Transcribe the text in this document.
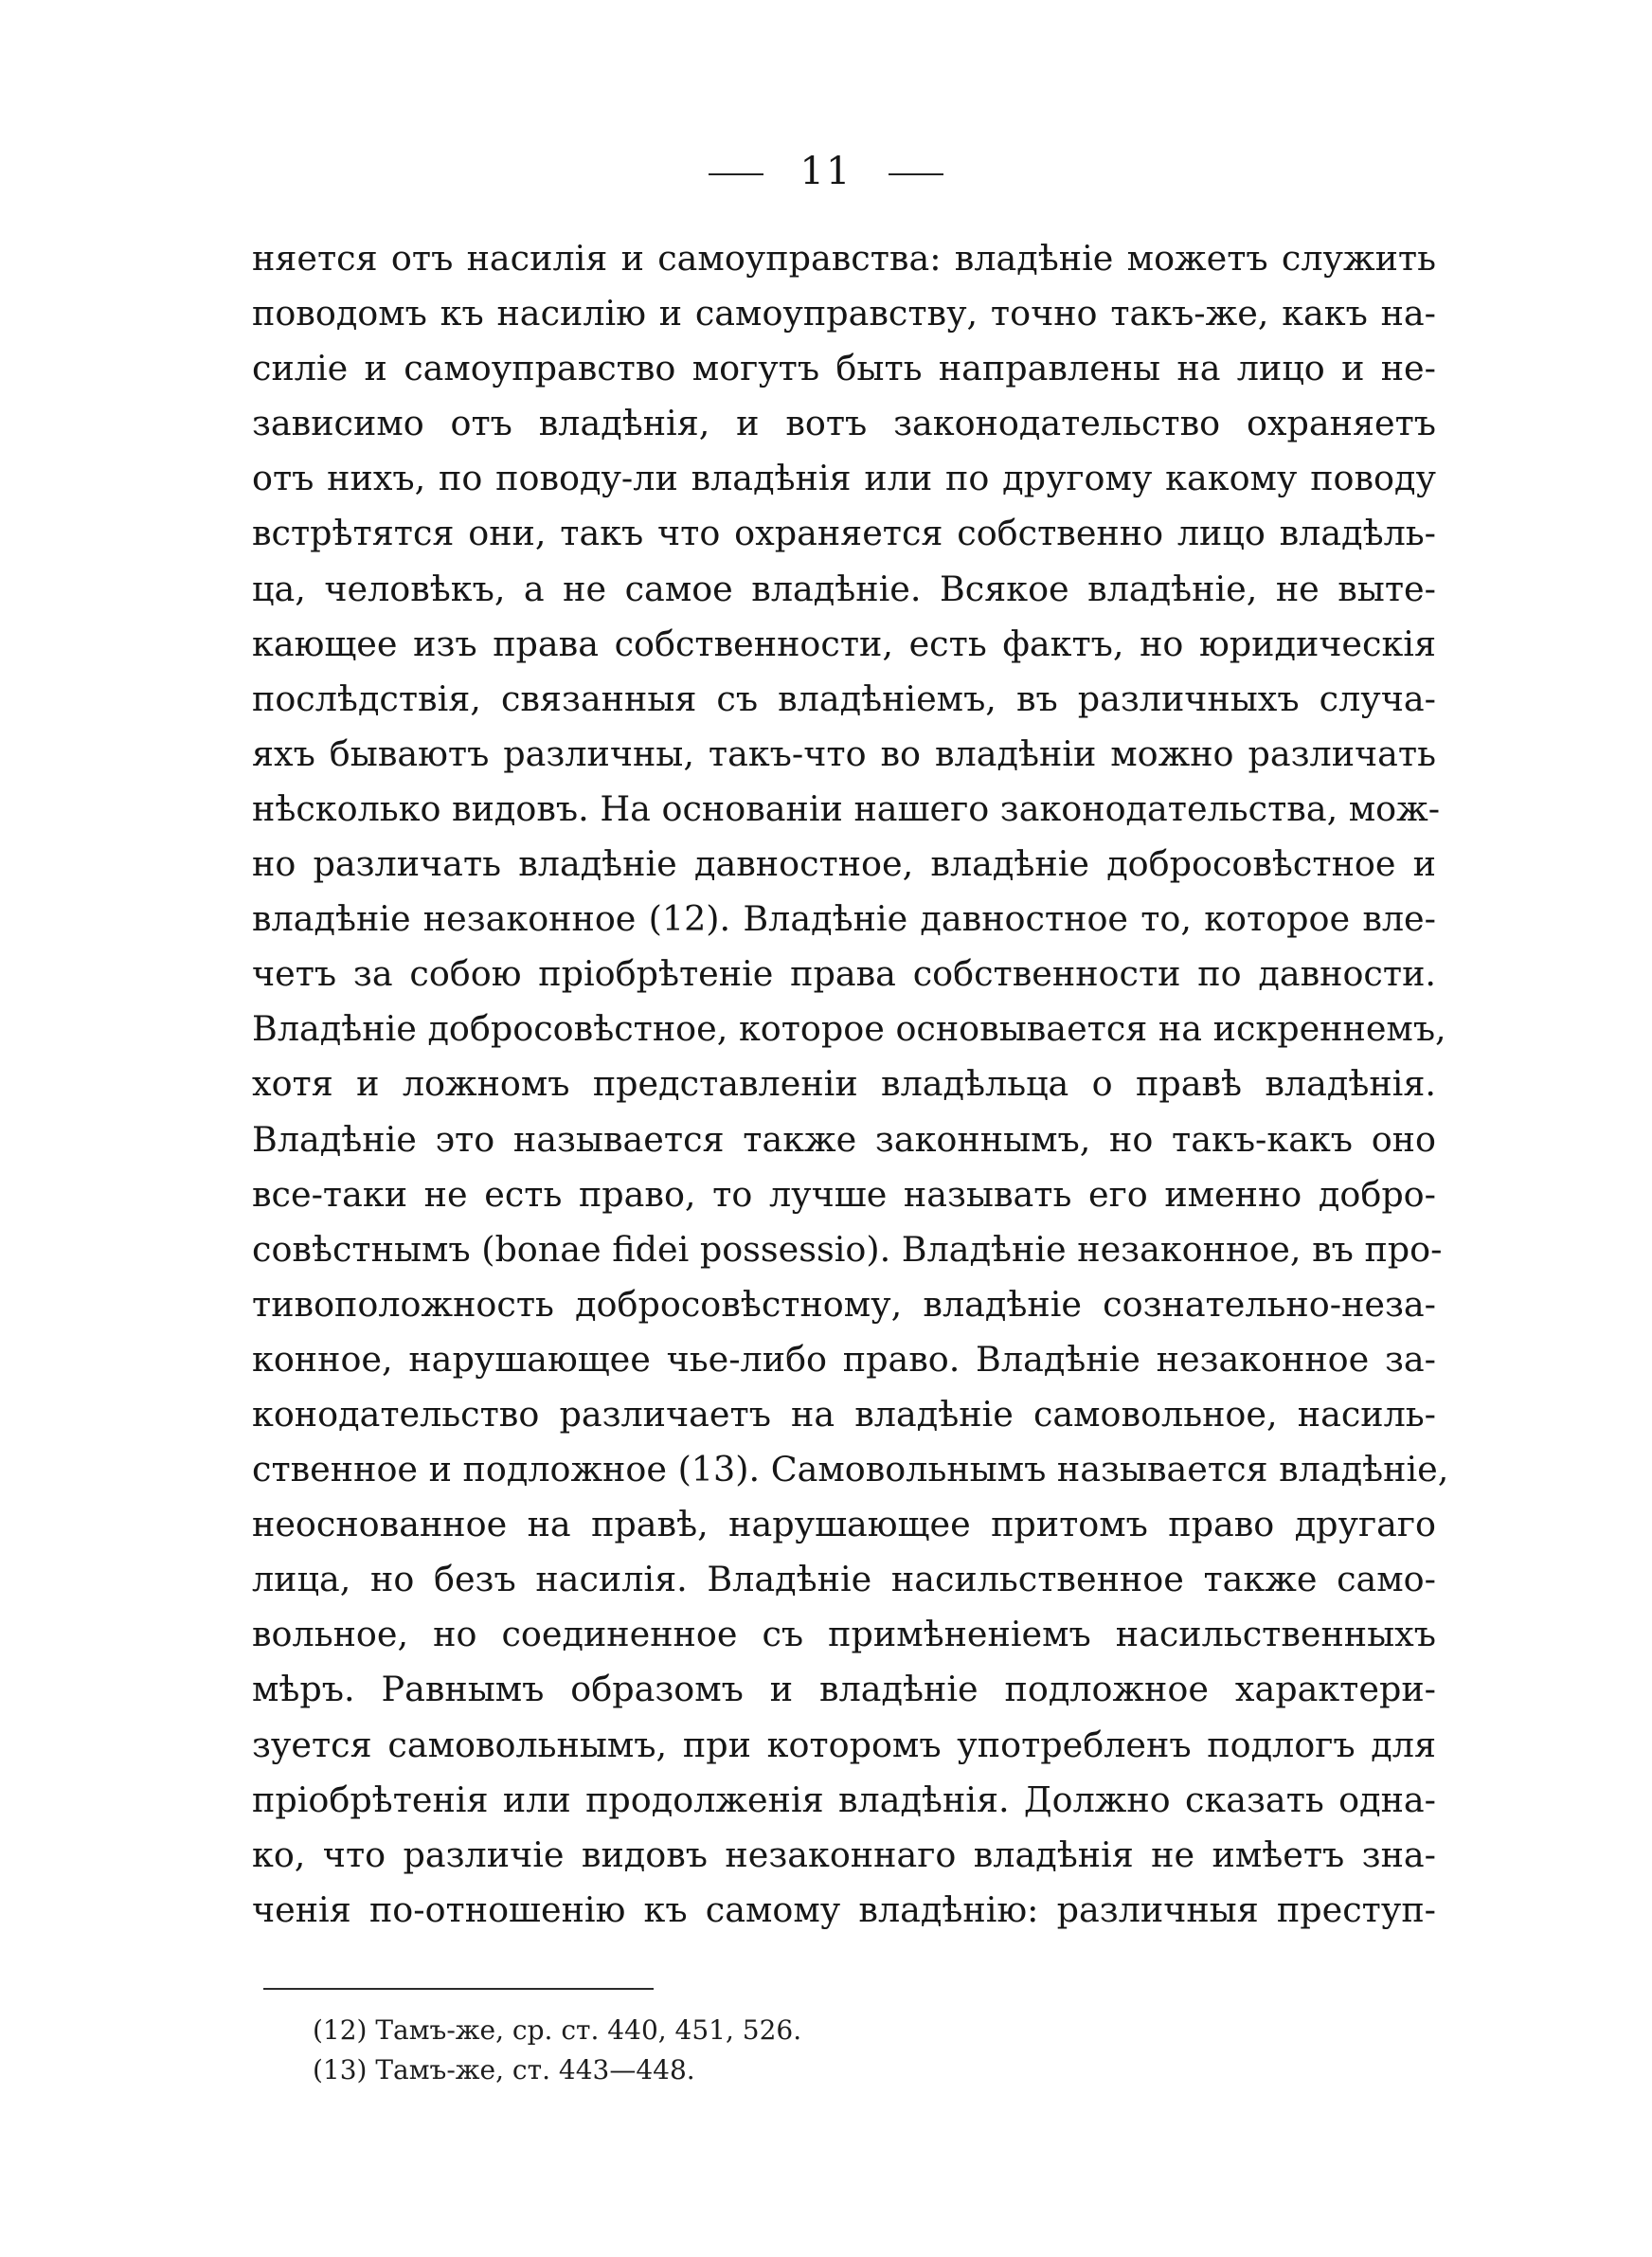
11
няется отъ насилія и самоуправства: владѣніе можетъ служить
поводомъ къ насилію и самоуправству, точно такъ-же, какъ на-
силіе и самоуправство могутъ быть направлены на лицо и не-
зависимо отъ владѣнія, и вотъ законодательство охраняетъ
отъ нихъ, по поводу-ли владѣнія или по другому какому поводу
встрѣтятся они, такъ что охраняется собственно лицо владѣль-
ца, человѣкъ, а не самое владѣніе. Всякое владѣніе, не выте-
кающее изъ права собственности, есть фактъ, но юридическія
послѣдствія, связанныя съ владѣніемъ, въ различныхъ случа-
яхъ бываютъ различны, такъ-что во владѣніи можно различать
нѣсколько видовъ. На основаніи нашего законодательства, мож-
но различать владѣніе давностное, владѣніе добросовѣстное и
владѣніе незаконное (12). Владѣніе давностное то, которое вле-
четъ за собою пріобрѣтеніе права собственности по давности.
Владѣніе добросовѣстное, которое основывается на искреннемъ,
хотя и ложномъ представленіи владѣльца о правѣ владѣнія.
Владѣніе это называется также законнымъ, но такъ-какъ оно
все-таки не есть право, то лучше называть его именно добро-
совѣстнымъ (bonae fidei possessio). Владѣніе незаконное, въ про-
тивоположность добросовѣстному, владѣніе сознательно-неза-
конное, нарушающее чье-либо право. Владѣніе незаконное за-
конодательство различаетъ на владѣніе самовольное, насиль-
ственное и подложное (13). Самовольнымъ называется владѣніе,
неоснованное на правѣ, нарушающее притомъ право другаго
лица, но безъ насилія. Владѣніе насильственное также само-
вольное, но соединенное съ примѣненіемъ насильственныхъ
мѣръ. Равнымъ образомъ и владѣніе подложное характери-
зуется самовольнымъ, при которомъ употребленъ подлогъ для
пріобрѣтенія или продолженія владѣнія. Должно сказать одна-
ко, что различіе видовъ незаконнаго владѣнія не имѣетъ зна-
ченія по-отношенію къ самому владѣнію: различныя преступ-
(12) Тамъ-же, ср. ст. 440, 451, 526.
(13) Тамъ-же, ст. 443—448.
